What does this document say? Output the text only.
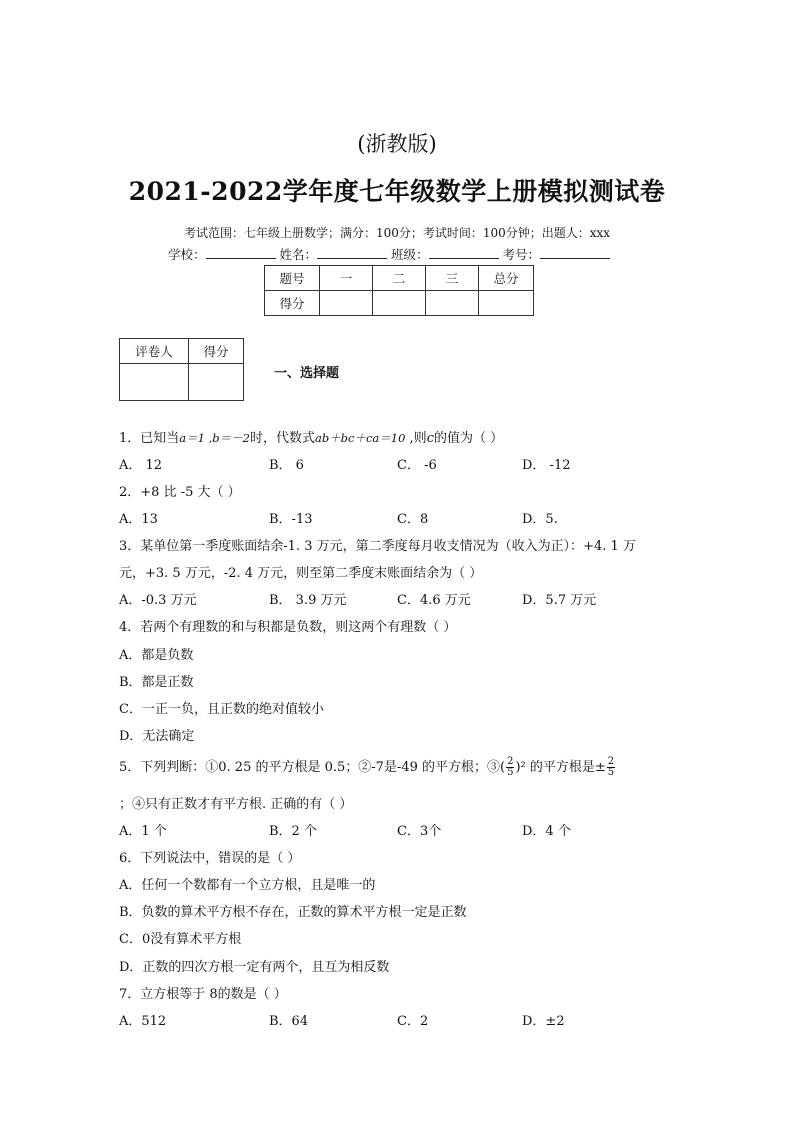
(浙教版)
2021-2022学年度七年级数学上册模拟测试卷
考试范围：七年级上册数学；满分：100分；考试时间：100分钟；出题人：xxx
学校：	姓名：	班级：	考号：
题号	一	二	三	总分
得分				
评卷人	得分

一、选择题
1．已知当a＝1 ,b＝－2时，代数式ab＋bc＋ca＝10 ,则c的值为（ ）
A． 12	B． 6	C． -6	D． -12
2．+8 比 -5 大（ ）
A．13	B．-13	C．8	D．5.
3．某单位第一季度账面结余-1. 3 万元，第二季度每月收支情况为（收入为正）：+4. 1 万
元，+3. 5 万元，-2. 4 万元，则至第二季度末账面结余为（ ）
A．-0.3 万元	B． 3.9 万元	C．4.6 万元	D．5.7 万元
4．若两个有理数的和与积都是负数，则这两个有理数（ ）
A．都是负数
B．都是正数
C．一正一负，且正数的绝对值较小
D．无法确定
5．下列判断：①0. 25 的平方根是 0.5；②-7是-49 的平方根；③( $\frac{2}{5} )^2$ 的平方根是± $\frac{2}{5}$
；④只有正数才有平方根. 正确的有（ ）
A．1 个	B．2 个	C．3个	D．4 个
6．下列说法中，错误的是（ ）
A．任何一个数都有一个立方根，且是唯一的
B．负数的算术平方根不存在，正数的算术平方根一定是正数
C．0没有算术平方根
D．正数的四次方根一定有两个，且互为相反数
7．立方根等于 8的数是（ ）
A．512	B．64	C．2	D．±2
